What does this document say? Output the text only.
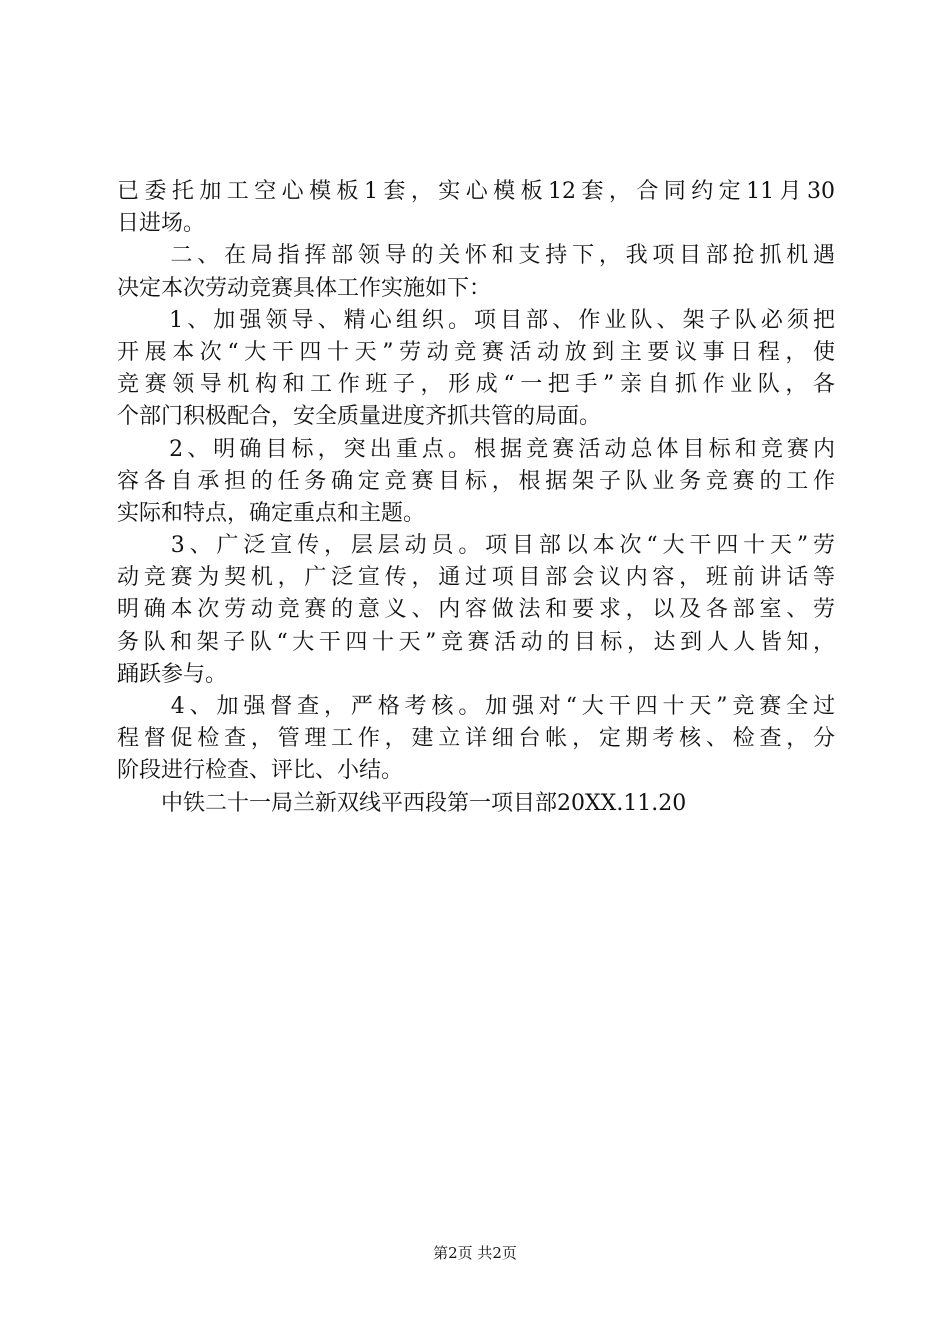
已委托加工空心模板1套，实心模板12套，合同约定11月30
日进场。
　　二、在局指挥部领导的关怀和支持下，我项目部抢抓机遇
决定本次劳动竞赛具体工作实施如下：
　　1、加强领导、精心组织。项目部、作业队、架子队必须把
开展本次“大干四十天”劳动竞赛活动放到主要议事日程，使
竞赛领导机构和工作班子，形成“一把手”亲自抓作业队，各
个部门积极配合，安全质量进度齐抓共管的局面。
　　2、明确目标，突出重点。根据竞赛活动总体目标和竞赛内
容各自承担的任务确定竞赛目标，根据架子队业务竞赛的工作
实际和特点，确定重点和主题。
　　3、广泛宣传，层层动员。项目部以本次“大干四十天”劳
动竞赛为契机，广泛宣传，通过项目部会议内容，班前讲话等
明确本次劳动竞赛的意义、内容做法和要求，以及各部室、劳
务队和架子队“大干四十天”竞赛活动的目标，达到人人皆知，
踊跃参与。
　　4、加强督查，严格考核。加强对“大干四十天”竞赛全过
程督促检查，管理工作，建立详细台帐，定期考核、检查，分
阶段进行检查、评比、小结。
　　中铁二十一局兰新双线平西段第一项目部20XX.11.20
第2页 共2页
